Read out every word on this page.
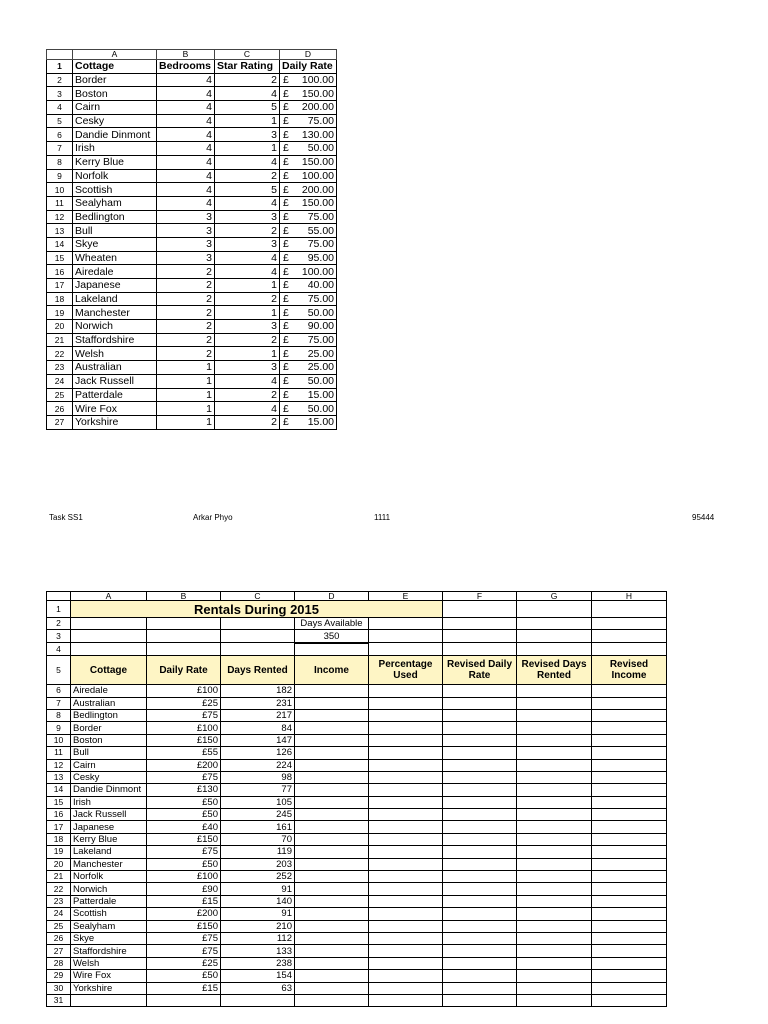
	A	B	C	D
1	Cottage	Bedrooms	Star Rating	Daily Rate
2	Border	4	2	£ 100.00

3	Boston	4	4	£ 150.00

4	Cairn	4	5	£ 200.00

5	Cesky	4	1	£ 75.00

6	Dandie Dinmont	4	3	£ 130.00

7	Irish	4	1	£ 50.00

8	Kerry Blue	4	4	£ 150.00

9	Norfolk	4	2	£ 100.00

10	Scottish	4	5	£ 200.00

11	Sealyham	4	4	£ 150.00

12	Bedlington	3	3	£ 75.00

13	Bull	3	2	£ 55.00

14	Skye	3	3	£ 75.00

15	Wheaten	3	4	£ 95.00

16	Airedale	2	4	£ 100.00

17	Japanese	2	1	£ 40.00

18	Lakeland	2	2	£ 75.00

19	Manchester	2	1	£ 50.00

20	Norwich	2	3	£ 90.00

21	Staffordshire	2	2	£ 75.00

22	Welsh	2	1	£ 25.00

23	Australian	1	3	£ 25.00

24	Jack Russell	1	4	£ 50.00

25	Patterdale	1	2	£ 15.00

26	Wire Fox	1	4	£ 50.00

27	Yorkshire	1	2	£ 15.00
Task SS1	Arkar Phyo	1111	95444
	A	B	C	D	E	F	G	H
1	Rentals During 2015							
2				Days Available				
3				350				
4								
5	Cottage	Daily Rate	Days Rented	Income	Percentage Used	Revised Daily Rate	Revised Days Rented	Revised Income
6	Airedale	£100	182					
7	Australian	£25	231					
8	Bedlington	£75	217					
9	Border	£100	84					
10	Boston	£150	147					
11	Bull	£55	126					
12	Cairn	£200	224					
13	Cesky	£75	98					
14	Dandie Dinmont	£130	77					
15	Irish	£50	105					
16	Jack Russell	£50	245					
17	Japanese	£40	161					
18	Kerry Blue	£150	70					
19	Lakeland	£75	119					
20	Manchester	£50	203					
21	Norfolk	£100	252					
22	Norwich	£90	91					
23	Patterdale	£15	140					
24	Scottish	£200	91					
25	Sealyham	£150	210					
26	Skye	£75	112					
27	Staffordshire	£75	133					
28	Welsh	£25	238					
29	Wire Fox	£50	154					
30	Yorkshire	£15	63					
31								
